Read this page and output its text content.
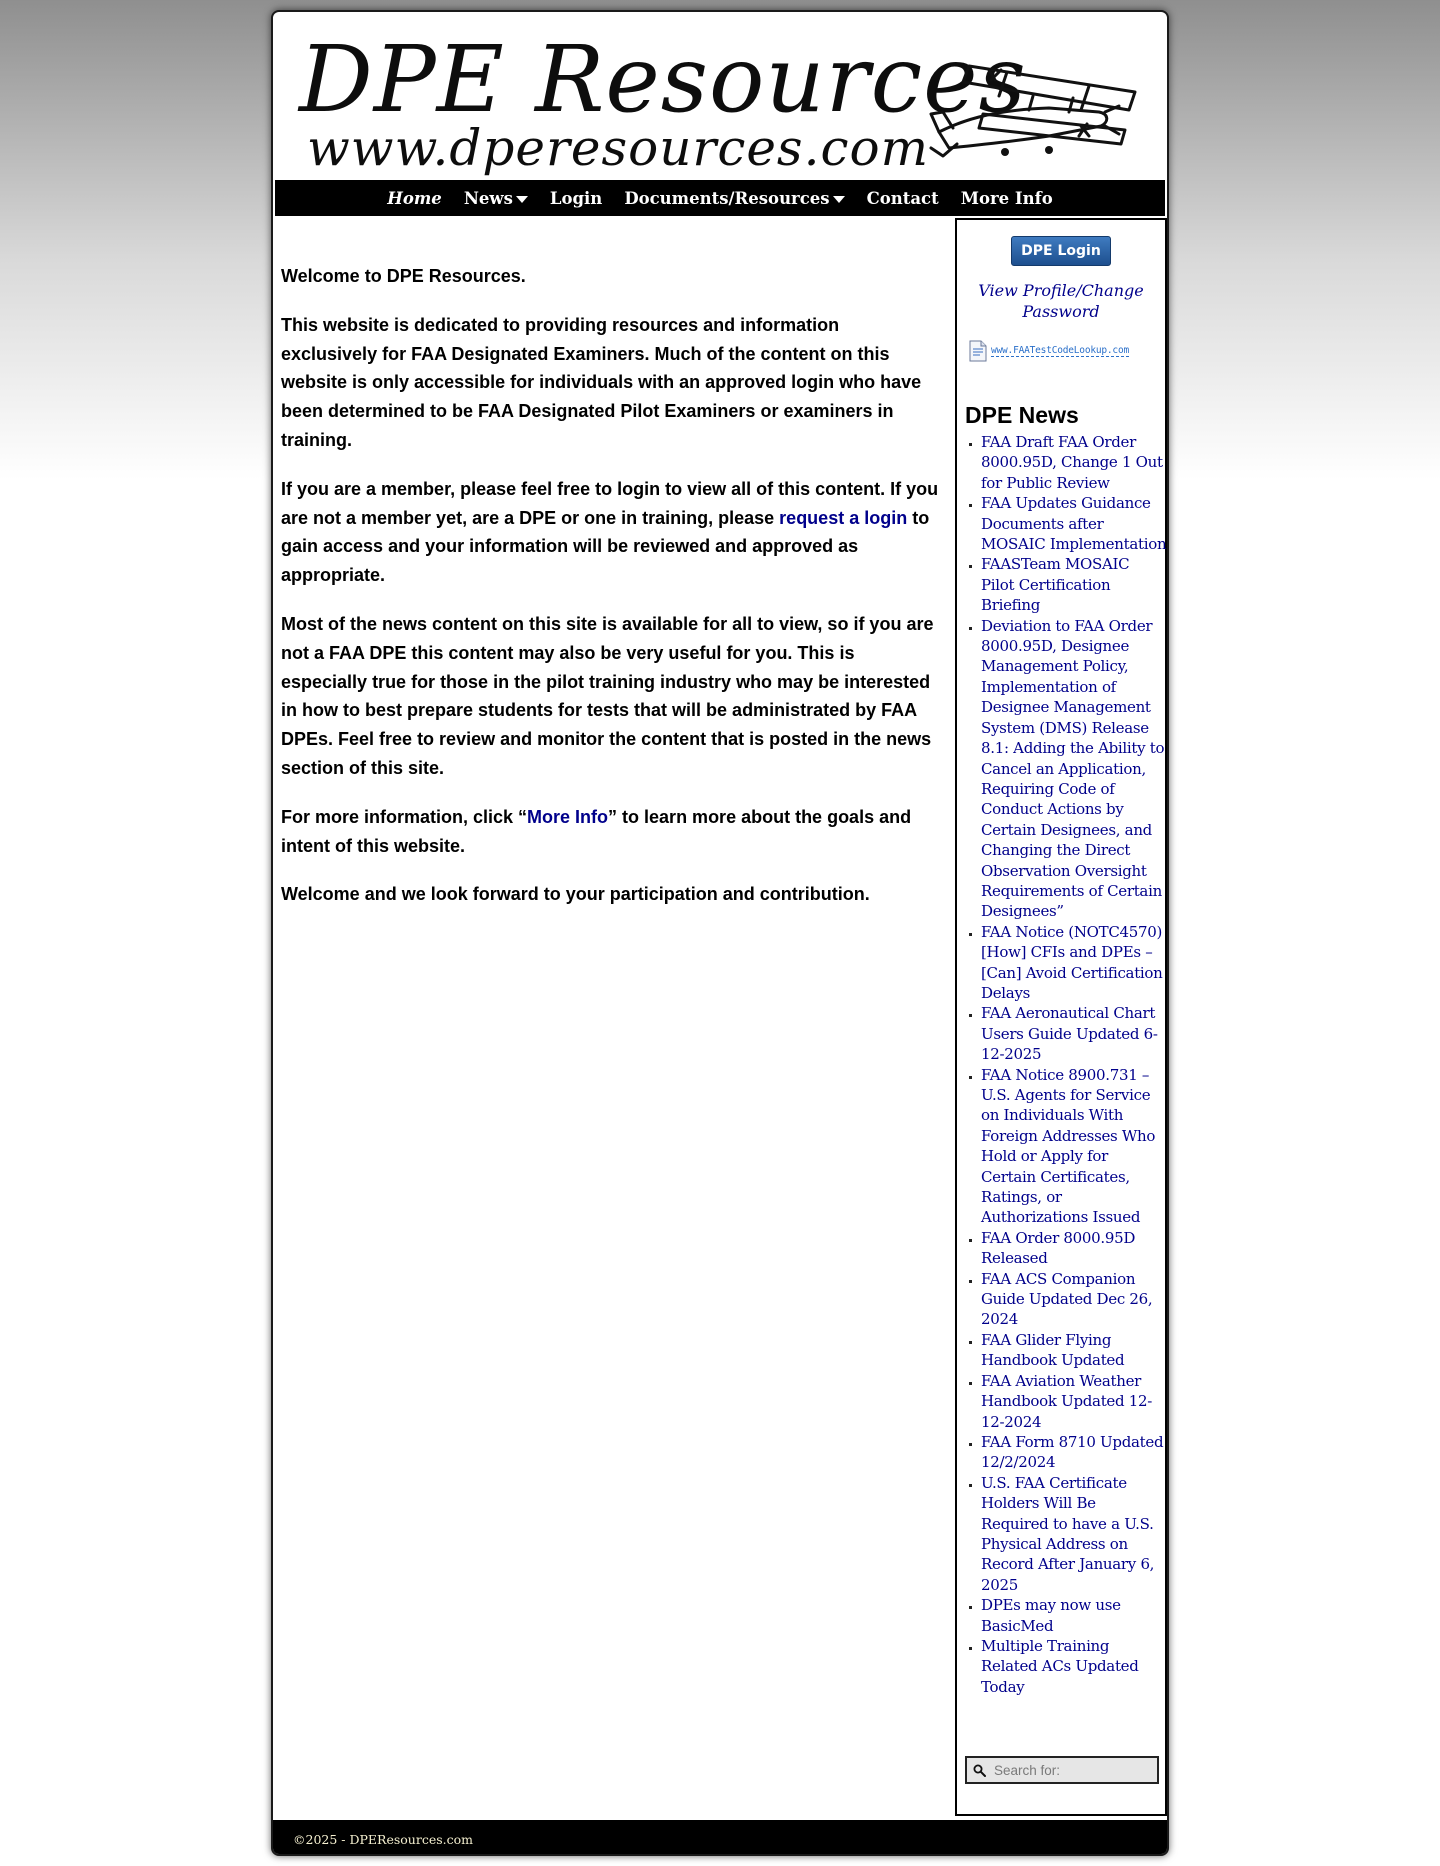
DPE Resources
www.dperesources.com
Home News Login Documents/Resources Contact More Info

Welcome to DPE Resources.

This website is dedicated to providing resources and information exclusively for FAA Designated Examiners. Much of the content on this website is only accessible for individuals with an approved login who have been determined to be FAA Designated Pilot Examiners or examiners in training.

If you are a member, please feel free to login to view all of this content. If you are not a member yet, are a DPE or one in training, please request a login to gain access and your information will be reviewed and approved as appropriate.

Most of the news content on this site is available for all to view, so if you are not a FAA DPE this content may also be very useful for you. This is especially true for those in the pilot training industry who may be interested in how to best prepare students for tests that will be administrated by FAA DPEs. Feel free to review and monitor the content that is posted in the news section of this site.

For more information, click “More Info” to learn more about the goals and intent of this website.

Welcome and we look forward to your participation and contribution.

DPE Login
View Profile/Change Password
www.FAATestCodeLookup.com
DPE News
▪ FAA Draft FAA Order 8000.95D, Change 1 Out for Public Review
▪ FAA Updates Guidance Documents after MOSAIC Implementation
▪ FAASTeam MOSAIC Pilot Certification Briefing
▪ Deviation to FAA Order 8000.95D, Designee Management Policy, Implementation of Designee Management System (DMS) Release 8.1: Adding the Ability to Cancel an Application, Requiring Code of Conduct Actions by Certain Designees, and Changing the Direct Observation Oversight Requirements of Certain Designees”
▪ FAA Notice (NOTC4570) [How] CFIs and DPEs – [Can] Avoid Certification Delays
▪ FAA Aeronautical Chart Users Guide Updated 6-12-2025
▪ FAA Notice 8900.731 – U.S. Agents for Service on Individuals With Foreign Addresses Who Hold or Apply for Certain Certificates, Ratings, or Authorizations Issued
▪ FAA Order 8000.95D Released
▪ FAA ACS Companion Guide Updated Dec 26, 2024
▪ FAA Glider Flying Handbook Updated
▪ FAA Aviation Weather Handbook Updated 12-12-2024
▪ FAA Form 8710 Updated 12/2/2024
▪ U.S. FAA Certificate Holders Will Be Required to have a U.S. Physical Address on Record After January 6, 2025
▪ DPEs may now use BasicMed
▪ Multiple Training Related ACs Updated Today
Search for:
©2025 - DPEResources.com
